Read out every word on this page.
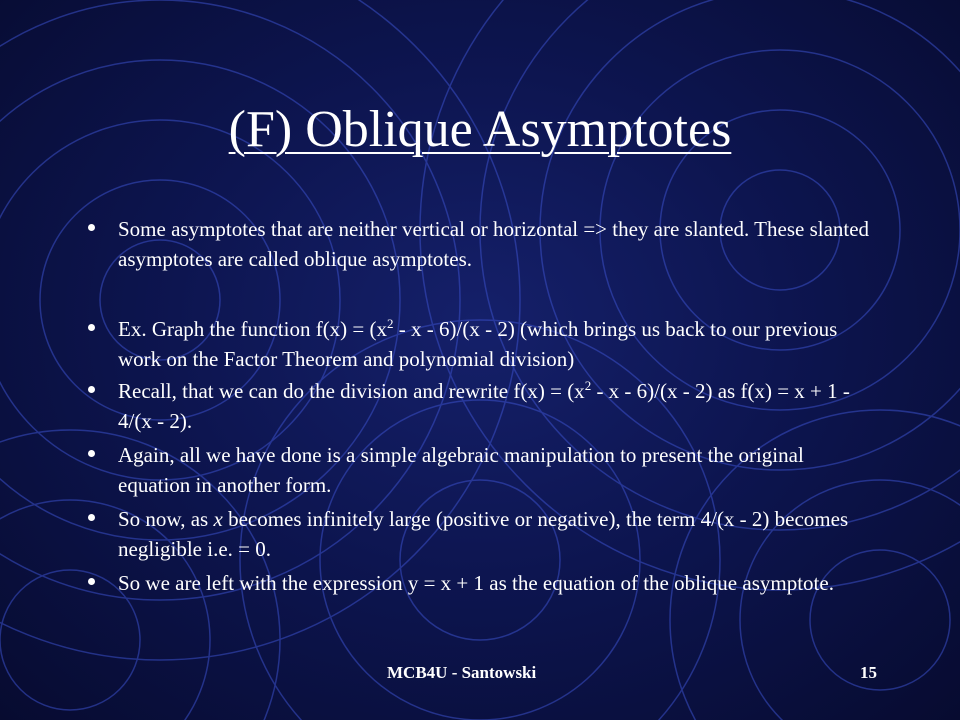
(F) Oblique Asymptotes
Some asymptotes that are neither vertical or horizontal => they are slanted. These slanted asymptotes are called oblique asymptotes.
Ex. Graph the function $f(x) = (x^2 - x - 6)/(x - 2)$ (which brings us back to our previous work on the Factor Theorem and polynomial division)
Recall, that we can do the division and rewrite $f(x) = (x^2 - x - 6)/(x - 2)$ as f(x) = x + 1 - 4/(x - 2).
Again, all we have done is a simple algebraic manipulation to present the original equation in another form.
So now, as x becomes infinitely large (positive or negative), the term 4/(x - 2) becomes negligible i.e. = 0.
So we are left with the expression y = x + 1 as the equation of the oblique asymptote.
MCB4U - Santowski	15
